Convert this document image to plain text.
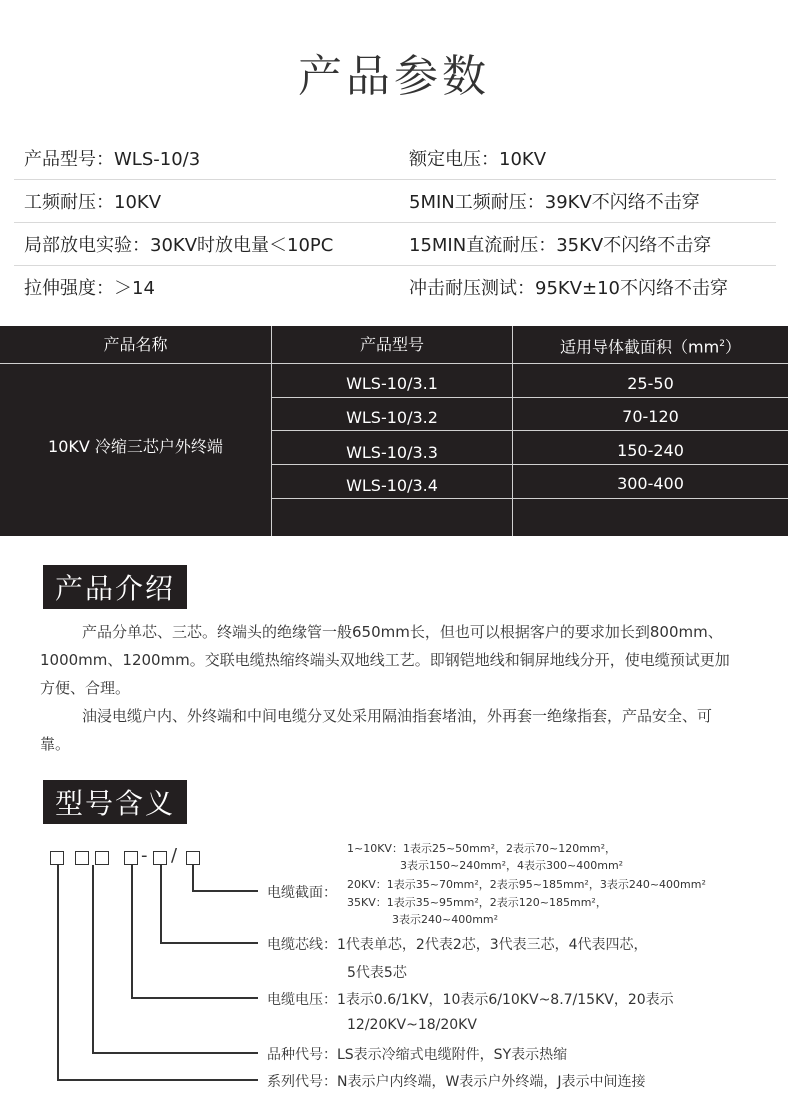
产品参数
产品型号：WLS-10/3	额定电压：10KV
工频耐压：10KV	5MIN工频耐压：39KV不闪络不击穿
局部放电实验：30KV时放电量＜10PC	15MIN直流耐压：35KV不闪络不击穿
拉伸强度：＞14	冲击耐压测试：95KV±10不闪络不击穿
产品名称	产品型号	适用导体截面积$(mm^2)$
10KV 冷缩三芯户外终端
WLS-10/3.1	25-50
WLS-10/3.2	70-120
WLS-10/3.3	150-240
WLS-10/3.4	300-400
产品介绍

产品分单芯、三芯。终端头的绝缘管一般650mm长，但也可以根据客户的要求加长到800mm、1000mm、1200mm。交联电缆热缩终端头双地线工艺。即钢铠地线和铜屏地线分开，使电缆预试更加方便、合理。

油浸电缆户内、外终端和中间电缆分叉处采用隔油指套堵油，外再套一绝缘指套，产品安全、可靠。

型号含义
- /	1~10KV：1表示25~50mm²，2表示70~120mm²，
3表示150~240mm²，4表示300~400mm²
电缆截面：
20KV：1表示35~70mm²，2表示95~185mm²，3表示240~400mm²
35KV：1表示35~95mm²，2表示120~185mm²，
3表示240~400mm²
电缆芯线：1代表单芯，2代表2芯，3代表三芯，4代表四芯，
5代表5芯
电缆电压：1表示0.6/1KV，10表示6/10KV~8.7/15KV，20表示
12/20KV~18/20KV
品种代号：LS表示冷缩式电缆附件，SY表示热缩
系列代号：N表示户内终端，W表示户外终端，J表示中间连接
